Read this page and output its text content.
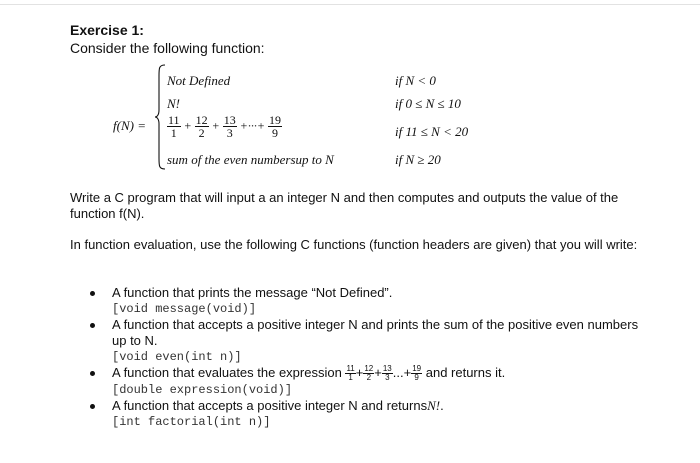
Exercise 1:
Consider the following function:
f(N) =
Not Defined	if N < 0
N!	if 0 ≤ N ≤ 10
$\frac{11}{1} + \frac{12}{2} + \frac{13}{3}$ +···+ $\frac{19}{9}$	if 11 ≤ N < 20
sum of the even numbersup to N	if N ≥ 20
Write a C program that will input a an integer N and then computes and outputs the value of the function f(N).
In function evaluation, use the following C functions (function headers are given) that you will write:
A function that prints the message “Not Defined”.
[void message(void)]
A function that accepts a positive integer N and prints the sum of the positive even numbers up to N.
[void even(int n)]
A function that evaluates the expression $\frac{11}{1} + \frac{12}{2} + \frac{13}{3}$ ...+ $\frac{19}{9}$ and returns it.
[double expression(void)]
A function that accepts a positive integer N and returnsN!.
[int factorial(int n)]
